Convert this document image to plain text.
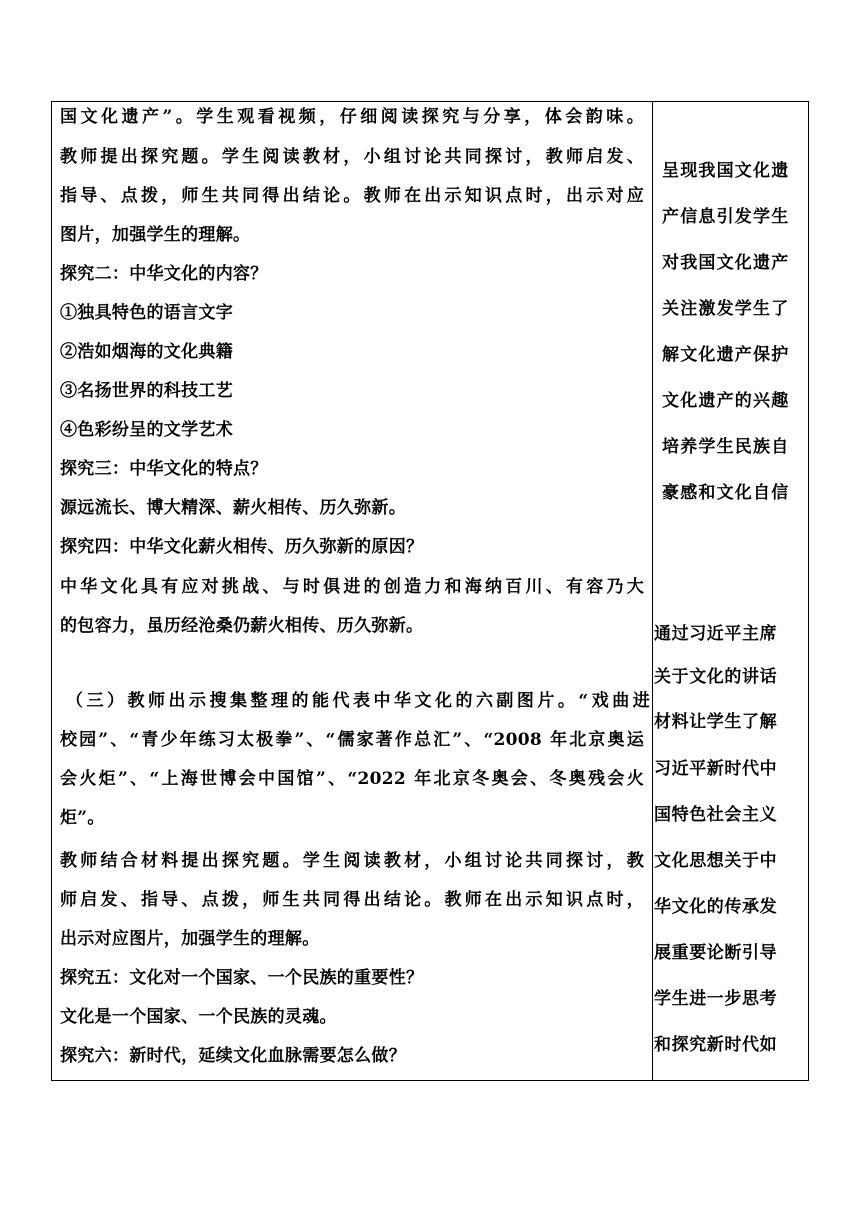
国文化遗产”。学生观看视频，仔细阅读探究与分享，体会韵味。
教师提出探究题。学生阅读教材，小组讨论共同探讨，教师启发、
指导、点拨，师生共同得出结论。教师在出示知识点时，出示对应
图片，加强学生的理解。
探究二：中华文化的内容？
①独具特色的语言文字
②浩如烟海的文化典籍
③名扬世界的科技工艺
④色彩纷呈的文学艺术
探究三：中华文化的特点？
源远流长、博大精深、薪火相传、历久弥新。
探究四：中华文化薪火相传、历久弥新的原因？
中华文化具有应对挑战、与时俱进的创造力和海纳百川、有容乃大
的包容力，虽历经沧桑仍薪火相传、历久弥新。
（三）教师出示搜集整理的能代表中华文化的六副图片。“戏曲进
校园”、“青少年练习太极拳”、“儒家著作总汇”、“2008 年北京奥运
会火炬”、“上海世博会中国馆”、“2022 年北京冬奥会、冬奥残会火
炬”。
教师结合材料提出探究题。学生阅读教材，小组讨论共同探讨，教
师启发、指导、点拨，师生共同得出结论。教师在出示知识点时，
出示对应图片，加强学生的理解。
探究五：文化对一个国家、一个民族的重要性？
文化是一个国家、一个民族的灵魂。
探究六：新时代，延续文化血脉需要怎么做？
呈现我国文化遗
产信息引发学生
对我国文化遗产
关注激发学生了
解文化遗产保护
文化遗产的兴趣
培养学生民族自
豪感和文化自信
通过习近平主席
关于文化的讲话
材料让学生了解
习近平新时代中
国特色社会主义
文化思想关于中
华文化的传承发
展重要论断引导
学生进一步思考
和探究新时代如
